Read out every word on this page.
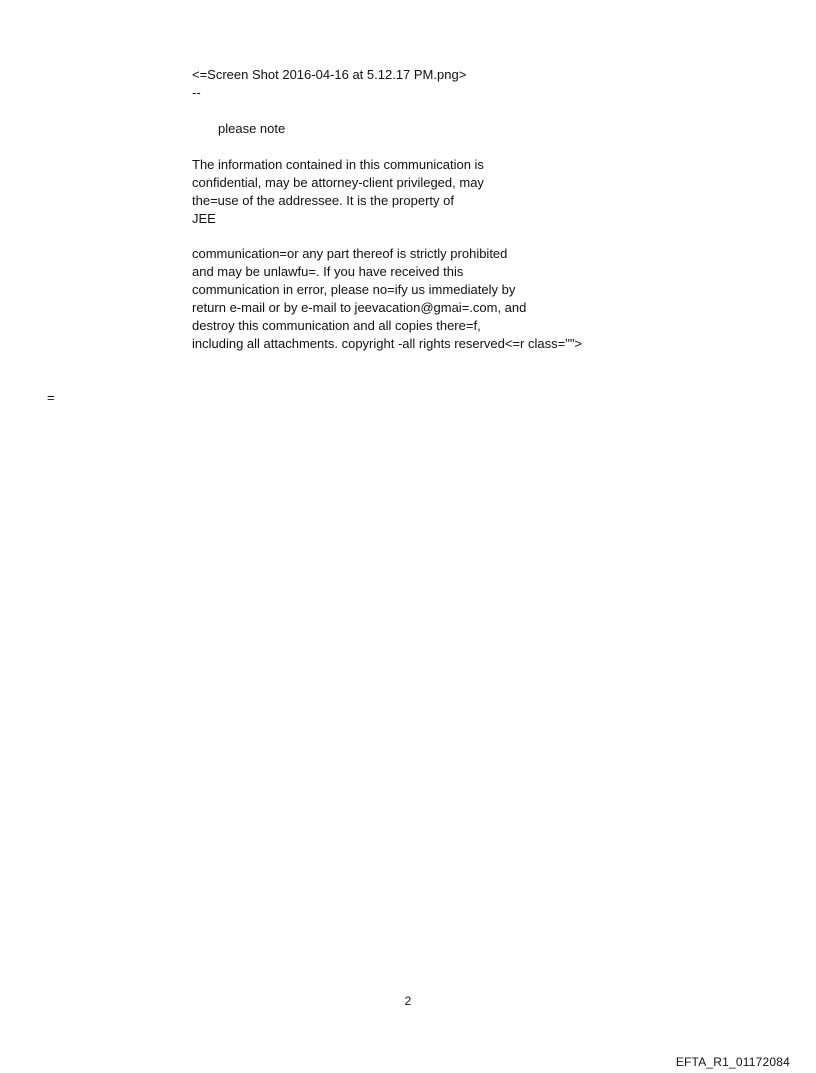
<=Screen Shot 2016-04-16 at 5.12.17 PM.png>
--
please note
The information contained in this communication is
confidential, may be attorney-client privileged, may
the=use of the addressee. It is the property of
JEE
communication=or any part thereof is strictly prohibited
and may be unlawfu=. If you have received this
communication in error, please no=ify us immediately by
return e-mail or by e-mail to jeevacation@gmai=.com, and
destroy this communication and all copies there=f,
including all attachments. copyright -all rights reserved<=r class="">
=
2
EFTA_R1_01172084
